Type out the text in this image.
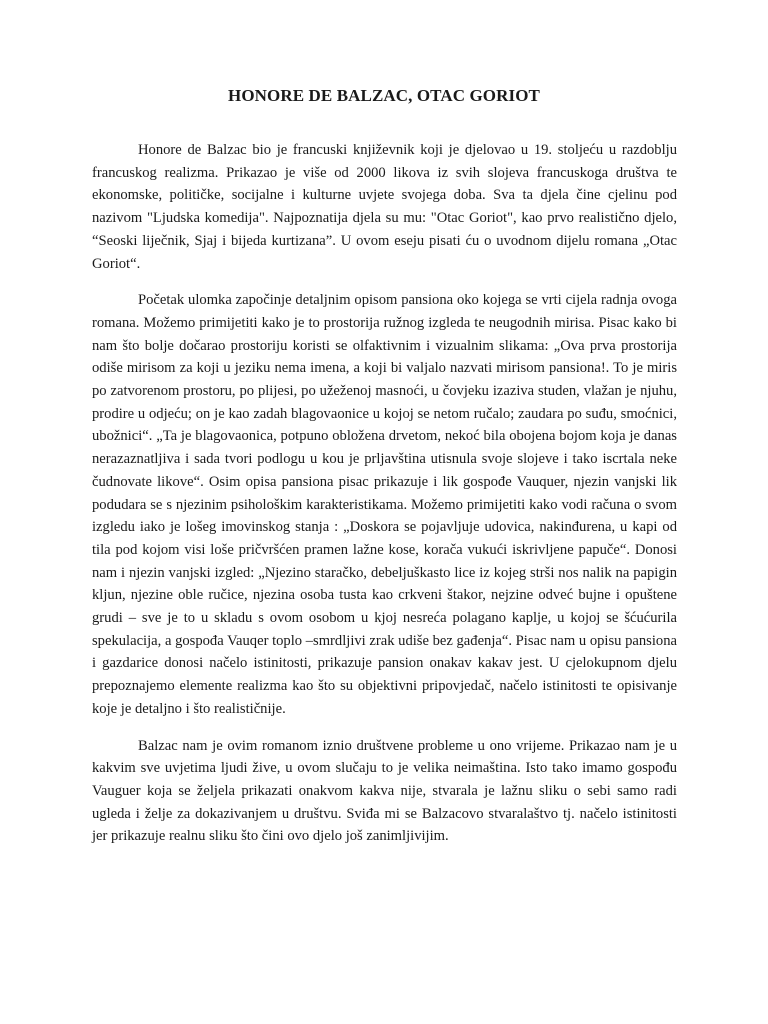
HONORE DE BALZAC, OTAC GORIOT

Honore de Balzac bio je francuski književnik koji je djelovao u 19. stoljeću u razdoblju francuskog realizma. Prikazao je više od 2000 likova iz svih slojeva francuskoga društva te ekonomske, političke, socijalne i kulturne uvjete svojega doba. Sva ta djela čine cjelinu pod nazivom "Ljudska komedija". Najpoznatija djela su mu: "Otac Goriot", kao prvo realistično djelo, “Seoski liječnik, Sjaj i bijeda kurtizana”. U ovom eseju pisati ću o uvodnom dijelu romana „Otac Goriot“.

Početak ulomka započinje detaljnim opisom pansiona oko kojega se vrti cijela radnja ovoga romana. Možemo primijetiti kako je to prostorija ružnog izgleda te neugodnih mirisa. Pisac kako bi nam što bolje dočarao prostoriju koristi se olfaktivnim i vizualnim slikama: „Ova prva prostorija odiše mirisom za koji u jeziku nema imena, a koji bi valjalo nazvati mirisom pansiona!. To je miris po zatvorenom prostoru, po plijesi, po užeženoj masnoći, u čovjeku izaziva studen, vlažan je njuhu, prodire u odjeću; on je kao zadah blagovaonice u kojoj se netom ručalo; zaudara po suđu, smoćnici, ubožnici“. „Ta je blagovaonica, potpuno obložena drvetom, nekoć bila obojena bojom koja je danas nerazaznatljiva i sada tvori podlogu u kou je prljavština utisnula svoje slojeve i tako iscrtala neke čudnovate likove“. Osim opisa pansiona pisac prikazuje i lik gospođe Vauquer, njezin vanjski lik podudara se s njezinim psihološkim karakteristikama. Možemo primijetiti kako vodi računa o svom izgledu iako je lošeg imovinskog stanja : „Doskora se pojavljuje udovica, nakinđurena, u kapi od tila pod kojom visi loše pričvršćen pramen lažne kose, korača vukući iskrivljene papuče“. Donosi nam i njezin vanjski izgled: „Njezino staračko, debeljuškasto lice iz kojeg strši nos nalik na papigin kljun, njezine oble ručice, njezina osoba tusta kao crkveni štakor, nejzine odveć bujne i opuštene grudi – sve je to u skladu s ovom osobom u kjoj nesreća polagano kaplje, u kojoj se šćućurila spekulacija, a gospođa Vauqer toplo –smrdljivi zrak udiše bez gađenja“. Pisac nam u opisu pansiona i gazdarice donosi načelo istinitosti, prikazuje pansion onakav kakav jest. U cjelokupnom djelu prepoznajemo elemente realizma kao što su objektivni pripovjedač, načelo istinitosti te opisivanje koje je detaljno i što realističnije.

Balzac nam je ovim romanom iznio društvene probleme u ono vrijeme. Prikazao nam je u kakvim sve uvjetima ljudi žive, u ovom slučaju to je velika neimaština. Isto tako imamo gospođu Vauguer koja se željela prikazati onakvom kakva nije, stvarala je lažnu sliku o sebi samo radi ugleda i želje za dokazivanjem u društvu. Sviđa mi se Balzacovo stvaralaštvo tj. načelo istinitosti jer prikazuje realnu sliku što čini ovo djelo još zanimljivijim.
